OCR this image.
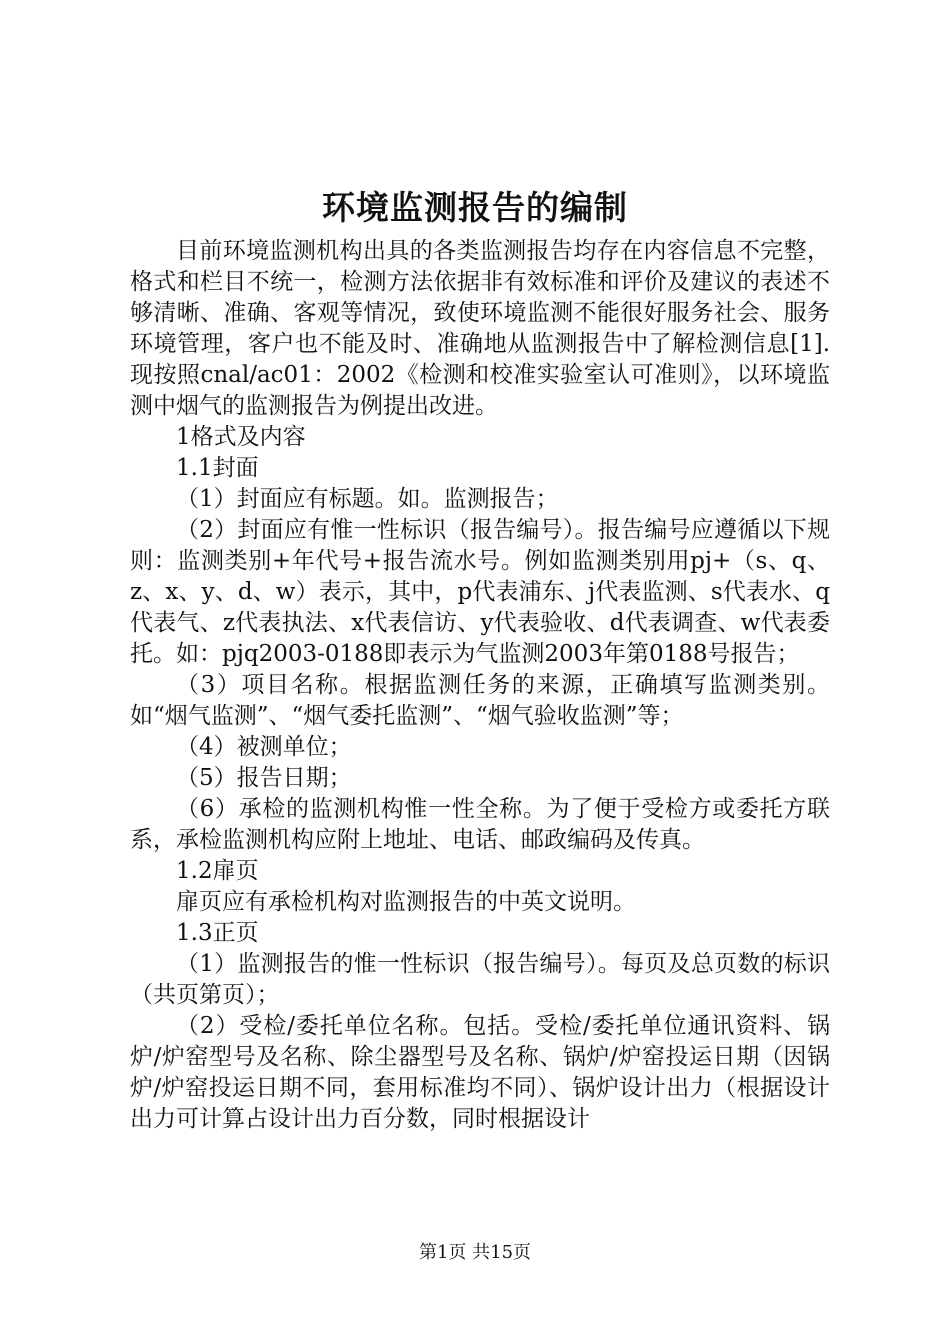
环境监测报告的编制

目前环境监测机构出具的各类监测报告均存在内容信息不完整，格式和栏目不统一，检测方法依据非有效标准和评价及建议的表述不够清晰、准确、客观等情况，致使环境监测不能很好服务社会、服务环境管理，客户也不能及时、准确地从监测报告中了解检测信息[1].现按照cnal/ac01：2002《检测和校准实验室认可准则》，以环境监测中烟气的监测报告为例提出改进。

1格式及内容

1.1封面

（1）封面应有标题。如。监测报告；

（2）封面应有惟一性标识（报告编号）。报告编号应遵循以下规则：监测类别+年代号+报告流水号。例如监测类别用pj+（s、q、z、x、y、d、w）表示，其中，p代表浦东、j代表监测、s代表水、q代表气、z代表执法、x代表信访、y代表验收、d代表调查、w代表委托。如：pjq2003-0188即表示为气监测2003年第0188号报告；

（3）项目名称。根据监测任务的来源，正确填写监测类别。如“烟气监测”、“烟气委托监测”、“烟气验收监测”等；

（4）被测单位；

（5）报告日期；

（6）承检的监测机构惟一性全称。为了便于受检方或委托方联系，承检监测机构应附上地址、电话、邮政编码及传真。

1.2扉页

扉页应有承检机构对监测报告的中英文说明。

1.3正页

（1）监测报告的惟一性标识（报告编号）。每页及总页数的标识（共页第页）；

（2）受检/委托单位名称。包括。受检/委托单位通讯资料、锅炉/炉窑型号及名称、除尘器型号及名称、锅炉/炉窑投运日期（因锅炉/炉窑投运日期不同，套用标准均不同）、锅炉设计出力（根据设计出力可计算占设计出力百分数，同时根据设计

第1页 共15页
